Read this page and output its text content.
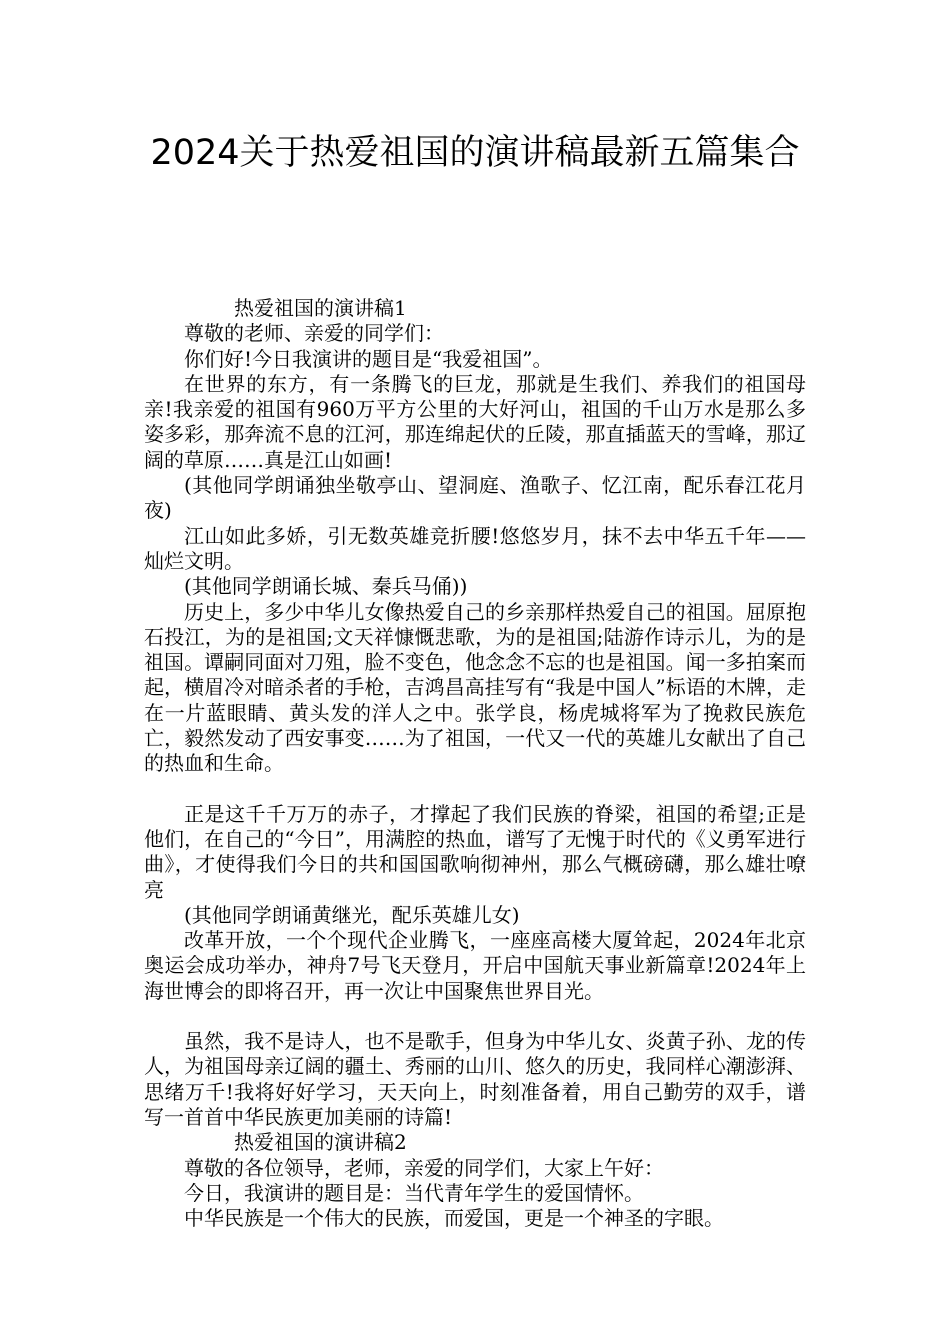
2024关于热爱祖国的演讲稿最新五篇集合

热爱祖国的演讲稿1

尊敬的老师、亲爱的同学们：

你们好!今日我演讲的题目是“我爱祖国”。

在世界的东方，有一条腾飞的巨龙，那就是生我们、养我们的祖国母亲!我亲爱的祖国有960万平方公里的大好河山，祖国的千山万水是那么多姿多彩，那奔流不息的江河，那连绵起伏的丘陵，那直插蓝天的雪峰，那辽阔的草原……真是江山如画!

(其他同学朗诵独坐敬亭山、望洞庭、渔歌子、忆江南，配乐春江花月夜)

江山如此多娇，引无数英雄竞折腰!悠悠岁月，抹不去中华五千年——灿烂文明。

(其他同学朗诵长城、秦兵马俑))

历史上，多少中华儿女像热爱自己的乡亲那样热爱自己的祖国。屈原抱石投江，为的是祖国;文天祥慷慨悲歌，为的是祖国;陆游作诗示儿，为的是祖国。谭嗣同面对刀殂，脸不变色，他念念不忘的也是祖国。闻一多拍案而起，横眉冷对暗杀者的手枪，吉鸿昌高挂写有“我是中国人”标语的木牌，走在一片蓝眼睛、黄头发的洋人之中。张学良，杨虎城将军为了挽救民族危亡，毅然发动了西安事变……为了祖国，一代又一代的英雄儿女献出了自己的热血和生命。

正是这千千万万的赤子，才撑起了我们民族的脊梁，祖国的希望;正是他们，在自己的“今日”，用满腔的热血，谱写了无愧于时代的《义勇军进行曲》，才使得我们今日的共和国国歌响彻神州，那么气概磅礴，那么雄壮嘹亮

(其他同学朗诵黄继光，配乐英雄儿女)

改革开放，一个个现代企业腾飞，一座座高楼大厦耸起，2024年北京奥运会成功举办，神舟7号飞天登月，开启中国航天事业新篇章!2024年上海世博会的即将召开，再一次让中国聚焦世界目光。

虽然，我不是诗人，也不是歌手，但身为中华儿女、炎黄子孙、龙的传人，为祖国母亲辽阔的疆土、秀丽的山川、悠久的历史，我同样心潮澎湃、思绪万千!我将好好学习，天天向上，时刻准备着，用自己勤劳的双手，谱写一首首中华民族更加美丽的诗篇!

热爱祖国的演讲稿2

尊敬的各位领导，老师，亲爱的同学们，大家上午好：

今日，我演讲的题目是：当代青年学生的爱国情怀。

中华民族是一个伟大的民族，而爱国，更是一个神圣的字眼。
